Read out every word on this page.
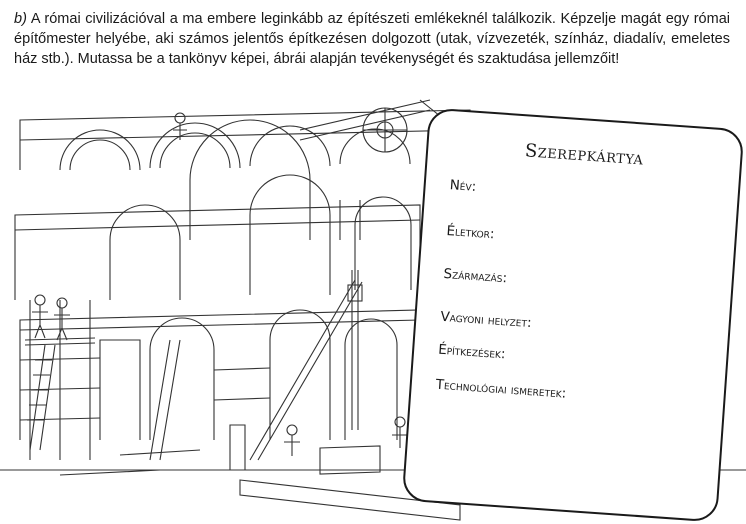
b) A római civilizációval a ma embere leginkább az építészeti emlékeknél találkozik. Képzelje magát egy római építőmester helyébe, aki számos jelentős építkezésen dolgozott (utak, vízvezeték, színház, diadalív, emeletes ház stb.). Mutassa be a tankönyv képei, ábrái alapján tevékenységét és szaktudása jellemzőit!

Szerepkártya
Név:
Életkor:
Származás:
Vagyoni helyzet:
Építkezések:
Technológiai ismeretek:
